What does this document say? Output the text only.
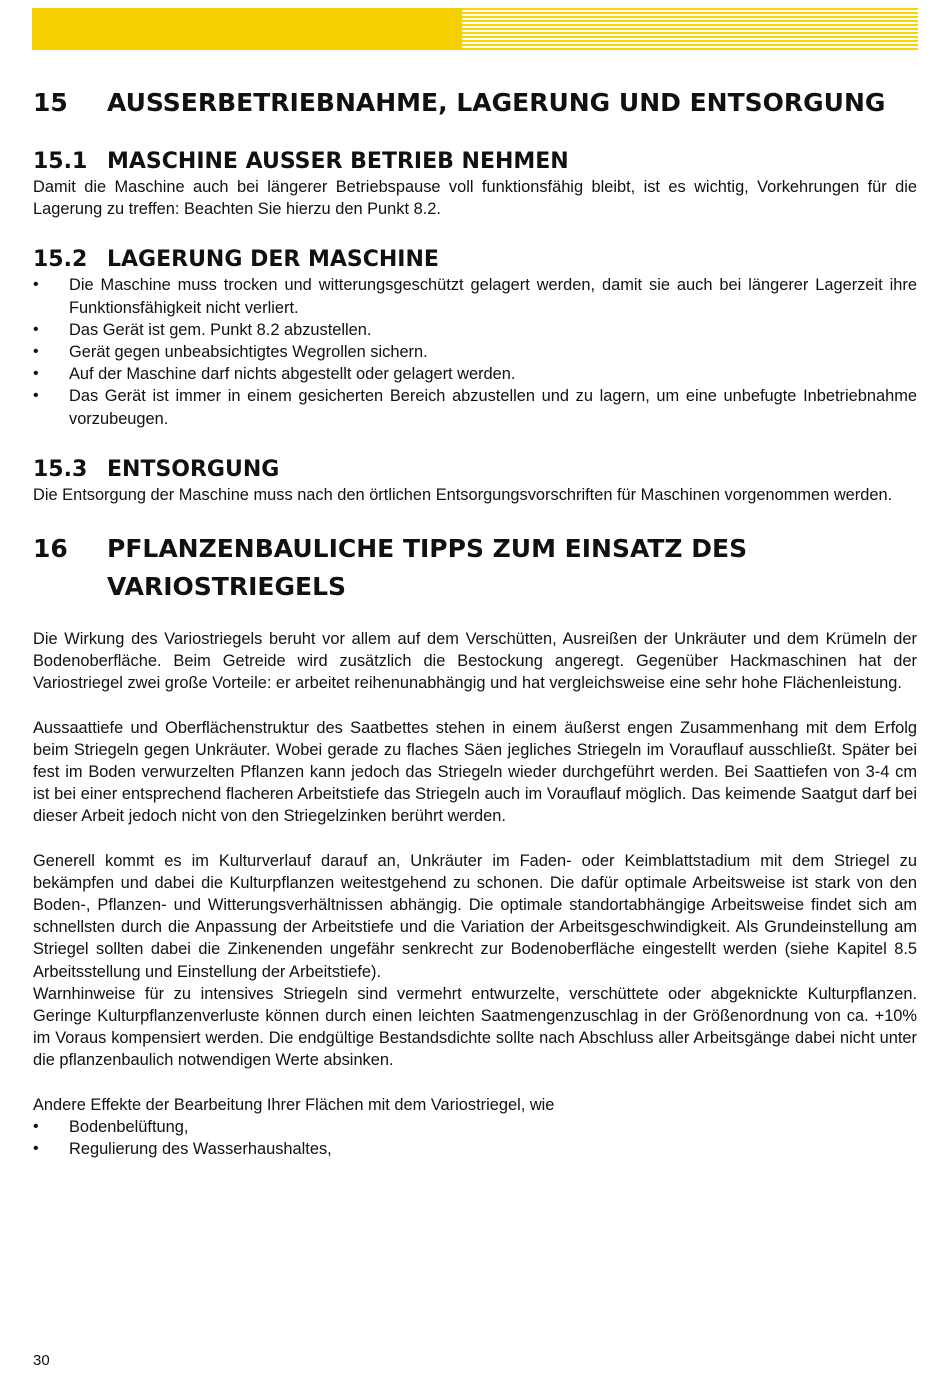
15	AUSSERBETRIEBNAHME, LAGERUNG UND ENTSORGUNG
15.1 MASCHINE AUSSER BETRIEB NEHMEN

Damit die Maschine auch bei längerer Betriebspause voll funktionsfähig bleibt, ist es wichtig, Vorkehrungen für die Lagerung zu treffen: Beachten Sie hierzu den Punkt 8.2.

15.2 LAGERUNG DER MASCHINE
• Die Maschine muss trocken und witterungsgeschützt gelagert werden, damit sie auch bei längerer Lagerzeit ihre Funktionsfähigkeit nicht verliert.
• Das Gerät ist gem. Punkt 8.2 abzustellen.
• Gerät gegen unbeabsichtigtes Wegrollen sichern.
• Auf der Maschine darf nichts abgestellt oder gelagert werden.
• Das Gerät ist immer in einem gesicherten Bereich abzustellen und zu lagern, um eine unbefugte Inbetriebnahme vorzubeugen.
15.3 ENTSORGUNG

Die Entsorgung der Maschine muss nach den örtlichen Entsorgungsvorschriften für Maschinen vorgenommen werden.

16	PFLANZENBAULICHE TIPPS ZUM EINSATZ DES VARIOSTRIEGELS

Die Wirkung des Variostriegels beruht vor allem auf dem Verschütten, Ausreißen der Unkräuter und dem Krümeln der Bodenoberfläche. Beim Getreide wird zusätzlich die Bestockung angeregt. Gegenüber Hackmaschinen hat der Variostriegel zwei große Vorteile: er arbeitet reihenunabhängig und hat vergleichsweise eine sehr hohe Flächenleistung.

Aussaattiefe und Oberflächenstruktur des Saatbettes stehen in einem äußerst engen Zusammenhang mit dem Erfolg beim Striegeln gegen Unkräuter. Wobei gerade zu flaches Säen jegliches Striegeln im Vorauflauf ausschließt. Später bei fest im Boden verwurzelten Pflanzen kann jedoch das Striegeln wieder durchgeführt werden. Bei Saattiefen von 3-4 cm ist bei einer entsprechend flacheren Arbeitstiefe das Striegeln auch im Vorauflauf möglich. Das keimende Saatgut darf bei dieser Arbeit jedoch nicht von den Striegelzinken berührt werden.

Generell kommt es im Kulturverlauf darauf an, Unkräuter im Faden- oder Keimblattstadium mit dem Striegel zu bekämpfen und dabei die Kulturpflanzen weitestgehend zu schonen. Die dafür optimale Arbeitsweise ist stark von den Boden-, Pflanzen- und Witterungsverhältnissen abhängig. Die optimale standortabhängige Arbeitsweise findet sich am schnellsten durch die Anpassung der Arbeitstiefe und die Variation der Arbeitsgeschwindigkeit. Als Grundeinstellung am Striegel sollten dabei die Zinkenenden ungefähr senkrecht zur Bodenoberfläche eingestellt werden (siehe Kapitel 8.5 Arbeitsstellung und Einstellung der Arbeitstiefe).

Warnhinweise für zu intensives Striegeln sind vermehrt entwurzelte, verschüttete oder abgeknickte Kulturpflanzen. Geringe Kulturpflanzenverluste können durch einen leichten Saatmengenzuschlag in der Größenordnung von ca. +10% im Voraus kompensiert werden. Die endgültige Bestandsdichte sollte nach Abschluss aller Arbeitsgänge dabei nicht unter die pflanzenbaulich notwendigen Werte absinken.

Andere Effekte der Bearbeitung Ihrer Flächen mit dem Variostriegel, wie

• Bodenbelüftung,
• Regulierung des Wasserhaushaltes,
30
